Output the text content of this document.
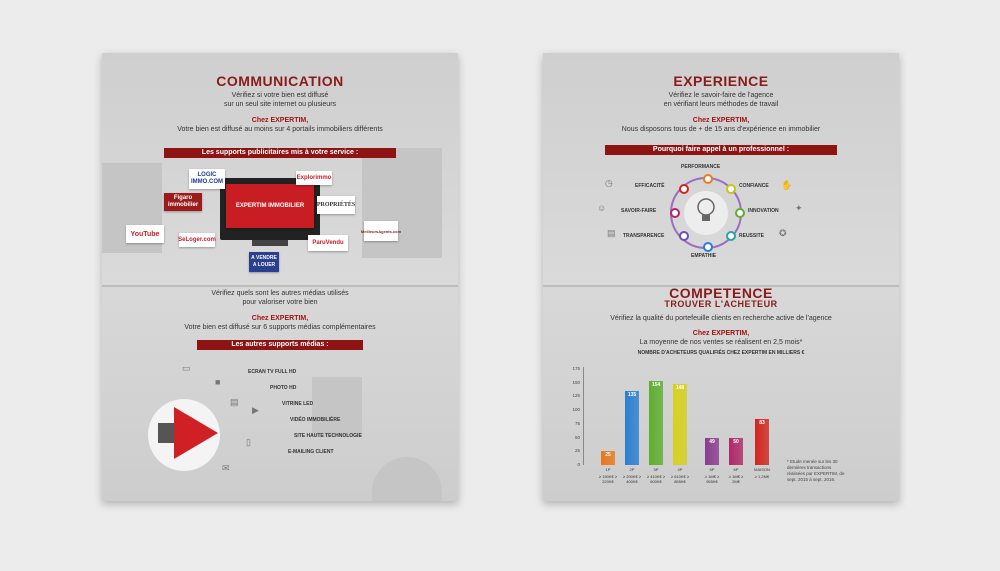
COMMUNICATION
Vérifiez si votre bien est diffusé
sur un seul site internet ou plusieurs
Chez EXPERTIM,
Votre bien est diffusé au moins sur 4 portails immobiliers différents
Les supports publicitaires mis à votre service :
EXPERTIM IMMOBILIER
LOGIC IMMO.COM
Explorimmo
Figaro immobilier	PROPRIÉTÉS
YouTube
SeLoger.com	ParuVendu
MeilleursAgents.com
A VENDRE A LOUER
Vérifiez quels sont les autres médias utilisés
pour valoriser votre bien
Chez EXPERTIM,
Votre bien est diffusé sur 6 supports médias complémentaires
Les autres supports médias :
▭
■
▤
▶
▯
✉
ECRAN TV FULL HD
PHOTO HD
VITRINE LED
VIDÉO IMMOBILIÈRE
SITE HAUTE TECHNOLOGIE
E-MAILING CLIENT
EXPERIENCE
Vérifiez le savoir-faire de l'agence
en vérifiant leurs méthodes de travail
Chez EXPERTIM,
Nous disposons tous de + de 15 ans d'expérience en immobilier
Pourquoi faire appel à un professionnel :
PERFORMANCE
CONFIANCE
INNOVATION
REUSSITE
EMPATHIE
TRANSPARENCE
SAVOIR-FAIRE
EFFICACITÉ
◷	✋
✦
✪
☺
▤
COMPETENCE
TROUVER L'ACHETEUR
Vérifiez la qualité du portefeuille clients en recherche active de l'agence
Chez EXPERTIM,
La moyenne de nos ventes se réalisent en 2,5 mois*
NOMBRE D'ACHETEURS QUALIFIÉS CHEZ EXPERTIM EN MILLIERS €
0
25
50
75
100
125
150
175
25
1P
≥ 150K€ ≥ 220K€
135
2P
≥ 200K€ ≥ 400K€
154
3P
≥ 410K€ ≥ 600K€
148
4P
≥ 610K€ ≥ 855K€
49
5P
≥ 1M€ ≥ 955K€
50
6P
≥ 1M€ ≥ 2M€
83
MAISON
≥ 1,2M€
* Etude menée sur les 30 dernières transactions réalisées par EXPERTIM, de sept. 2015 à sept. 2016.
